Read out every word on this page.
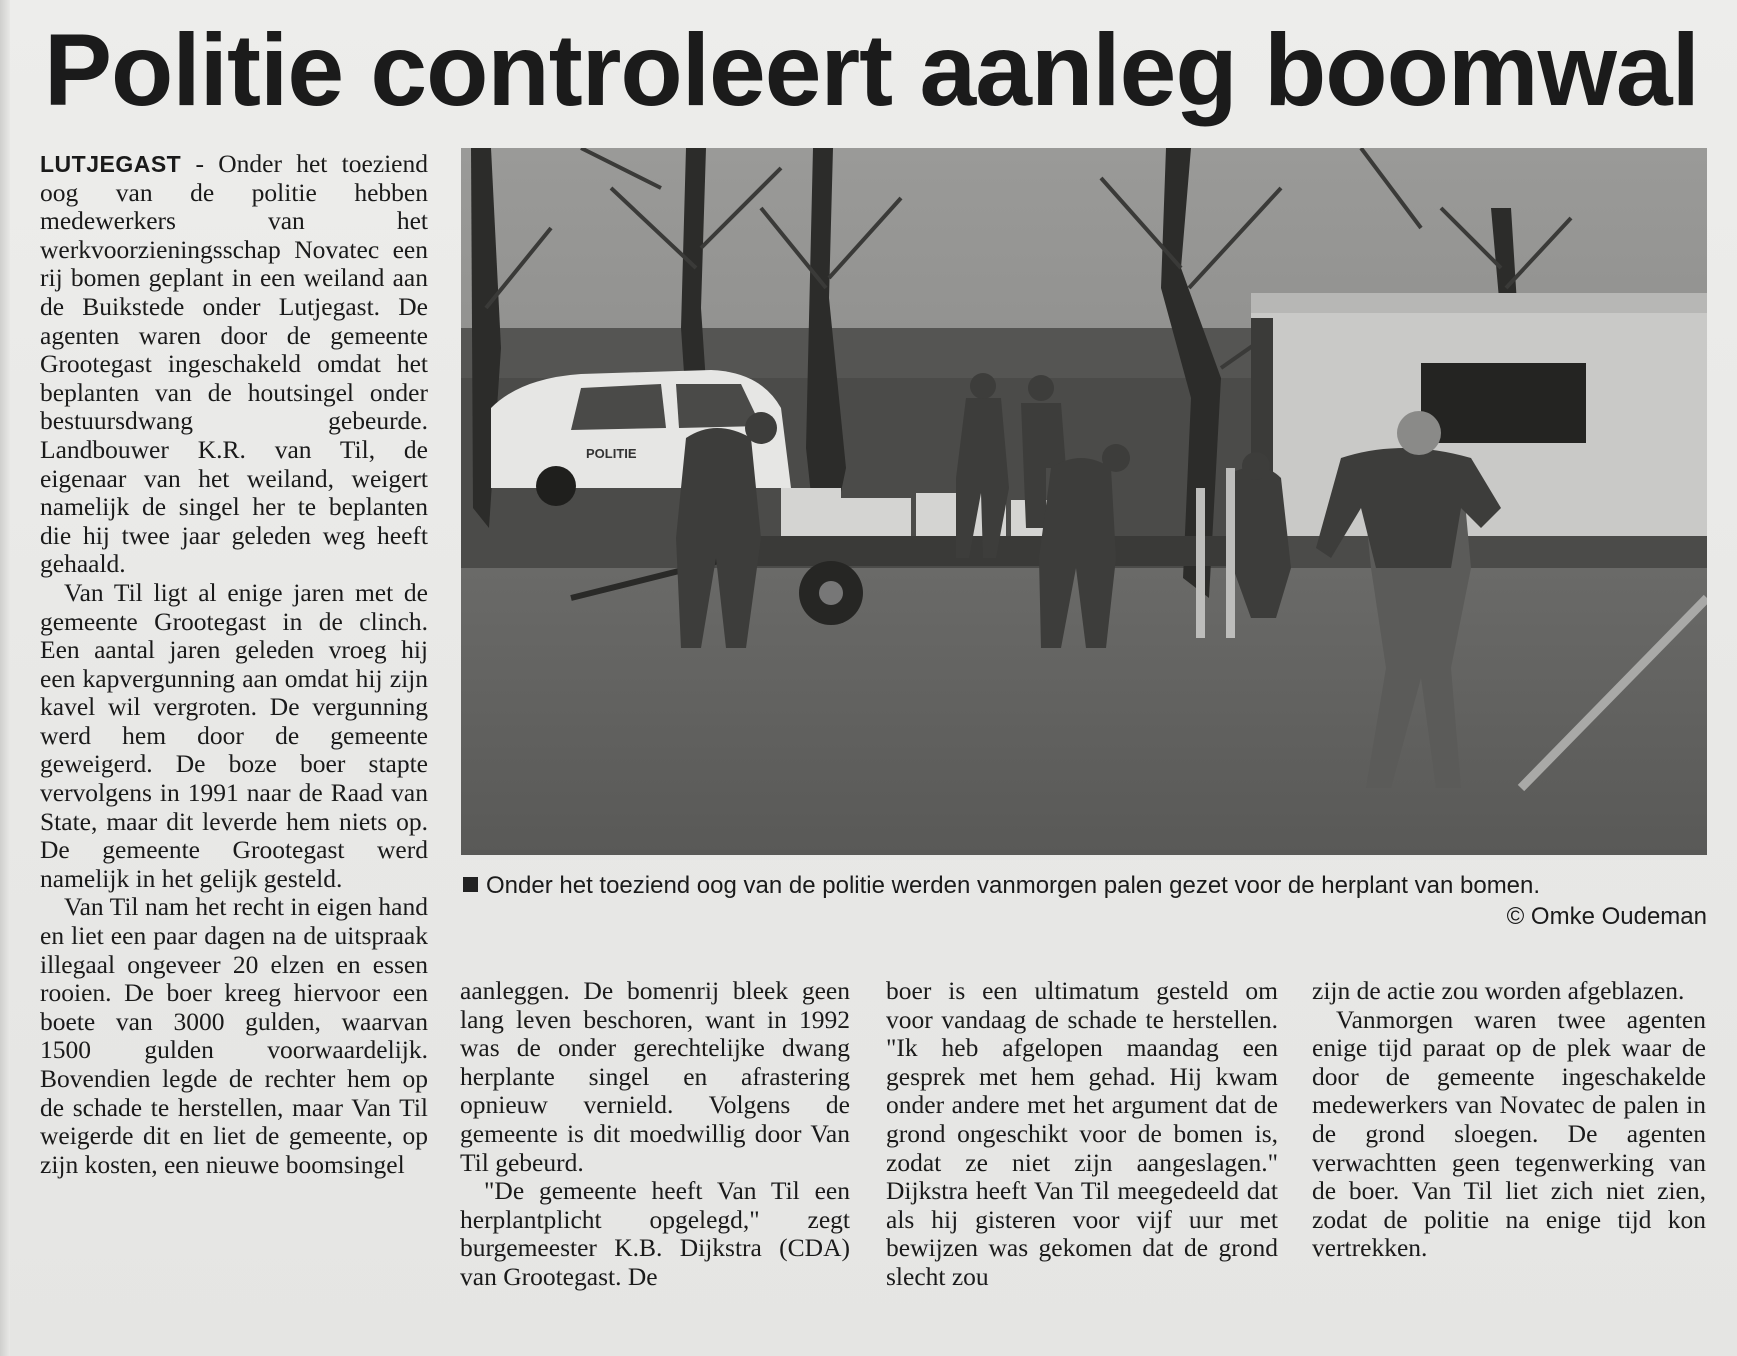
Politie controleert aanleg boomwal

LUTJEGAST - Onder het toeziend oog van de politie hebben medewerkers van het werkvoorzieningsschap Novatec een rij bomen geplant in een weiland aan de Buikstede onder Lutjegast. De agenten waren door de gemeente Grootegast ingeschakeld omdat het beplanten van de houtsingel onder bestuursdwang gebeurde. Landbouwer K.R. van Til, de eigenaar van het weiland, weigert namelijk de singel her te beplanten die hij twee jaar geleden weg heeft gehaald.

Van Til ligt al enige jaren met de gemeente Grootegast in de clinch. Een aantal jaren geleden vroeg hij een kapvergunning aan omdat hij zijn kavel wil vergroten. De vergunning werd hem door de gemeente geweigerd. De boze boer stapte vervolgens in 1991 naar de Raad van State, maar dit leverde hem niets op. De gemeente Grootegast werd namelijk in het gelijk gesteld.

Van Til nam het recht in eigen hand en liet een paar dagen na de uitspraak illegaal ongeveer 20 elzen en essen rooien. De boer kreeg hiervoor een boete van 3000 gulden, waarvan 1500 gulden voorwaardelijk. Bovendien legde de rechter hem op de schade te herstellen, maar Van Til weigerde dit en liet de gemeente, op zijn kosten, een nieuwe boomsingel

POLITIE
Onder het toeziend oog van de politie werden vanmorgen palen gezet voor de herplant van bomen.
© Omke Oudeman

aanleggen. De bomenrij bleek geen lang leven beschoren, want in 1992 was de onder gerechtelijke dwang herplante singel en afrastering opnieuw vernield. Volgens de gemeente is dit moedwillig door Van Til gebeurd.

"De gemeente heeft Van Til een herplantplicht opgelegd," zegt burgemeester K.B. Dijkstra (CDA) van Grootegast. De

boer is een ultimatum gesteld om voor vandaag de schade te herstellen. "Ik heb afgelopen maandag een gesprek met hem gehad. Hij kwam onder andere met het argument dat de grond ongeschikt voor de bomen is, zodat ze niet zijn aangeslagen." Dijkstra heeft Van Til meegedeeld dat als hij gisteren voor vijf uur met bewijzen was gekomen dat de grond slecht zou

zijn de actie zou worden afgeblazen.

Vanmorgen waren twee agenten enige tijd paraat op de plek waar de door de gemeente ingeschakelde medewerkers van Novatec de palen in de grond sloegen. De agenten verwachtten geen tegenwerking van de boer. Van Til liet zich niet zien, zodat de politie na enige tijd kon vertrekken.
